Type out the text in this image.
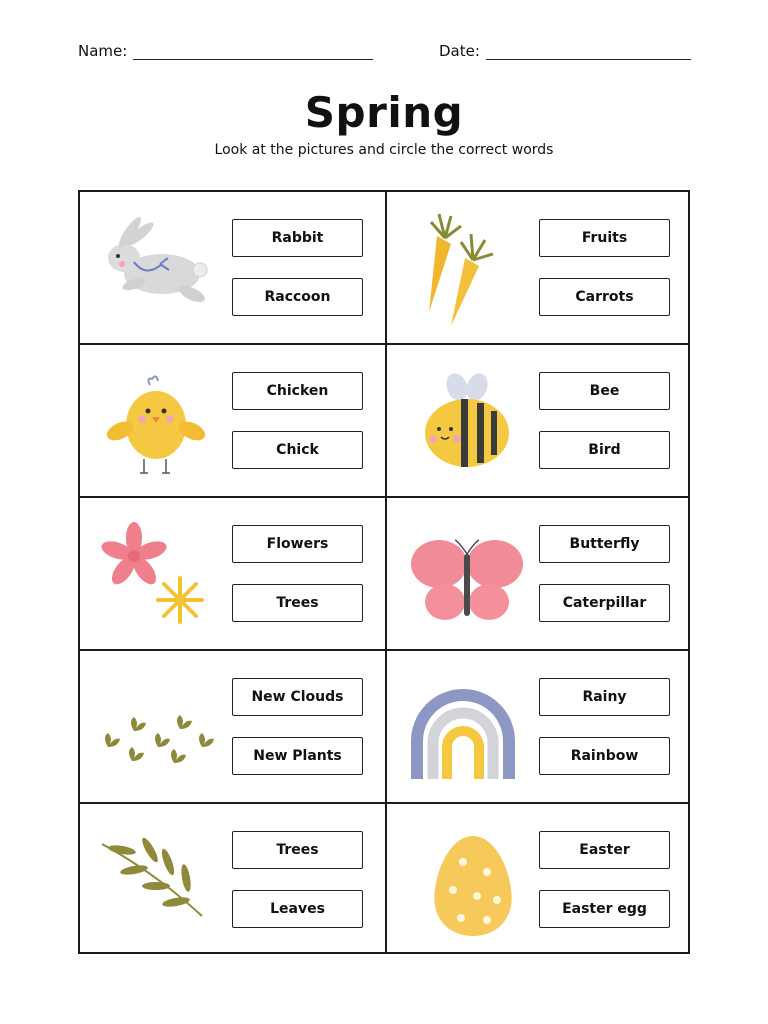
Name:	Date:
Spring
Look at the pictures and circle the correct words
Rabbit
Raccoon
Fruits
Carrots
Chicken
Chick
Bee
Bird
Flowers
Trees
Butterfly
Caterpillar
New Clouds
New Plants
Rainy
Rainbow
Trees
Leaves
Easter
Easter egg
